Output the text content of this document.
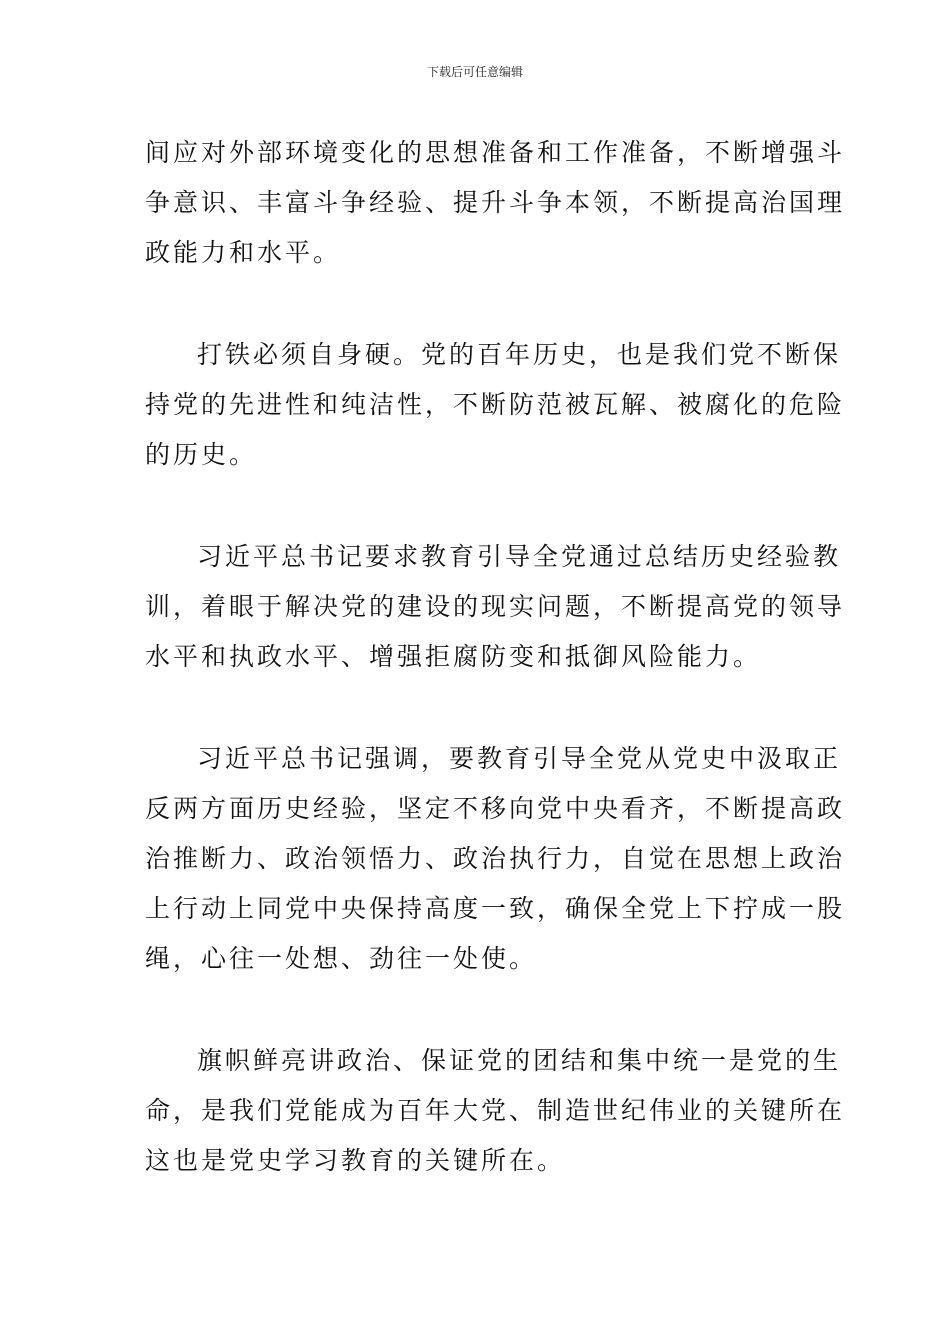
下载后可任意编辑
间应对外部环境变化的思想准备和工作准备，不断增强斗
争意识、丰富斗争经验、提升斗争本领，不断提高治国理
政能力和水平。
打铁必须自身硬。党的百年历史，也是我们党不断保
持党的先进性和纯洁性，不断防范被瓦解、被腐化的危险
的历史。
习近平总书记要求教育引导全党通过总结历史经验教
训，着眼于解决党的建设的现实问题，不断提高党的领导
水平和执政水平、增强拒腐防变和抵御风险能力。
习近平总书记强调，要教育引导全党从党史中汲取正
反两方面历史经验，坚定不移向党中央看齐，不断提高政
治推断力、政治领悟力、政治执行力，自觉在思想上政治
上行动上同党中央保持高度一致，确保全党上下拧成一股
绳，心往一处想、劲往一处使。
旗帜鲜亮讲政治、保证党的团结和集中统一是党的生
命，是我们党能成为百年大党、制造世纪伟业的关键所在
这也是党史学习教育的关键所在。
